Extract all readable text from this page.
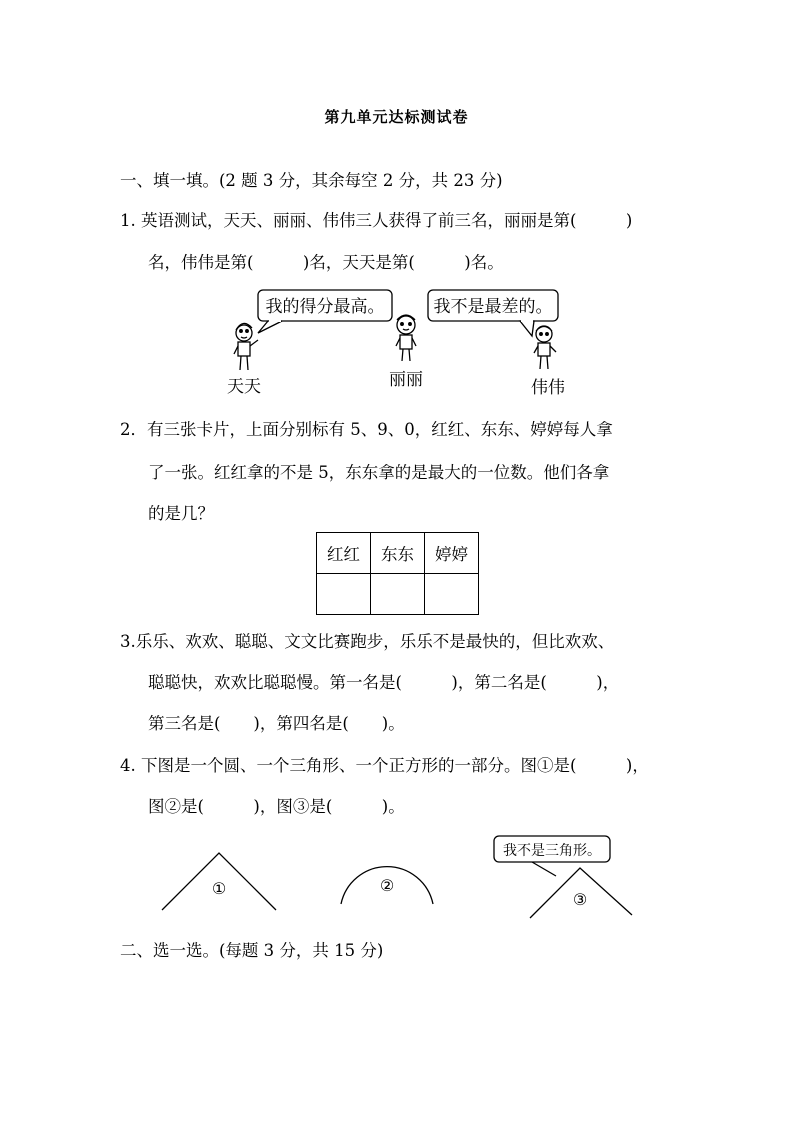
第九单元达标测试卷
一、填一填。(2 题 3 分，其余每空 2 分，共 23 分)
1. 英语测试，天天、丽丽、伟伟三人获得了前三名，丽丽是第(　　　)
名，伟伟是第(　　　)名，天天是第(　　　)名。
我的得分最高。	我不是最差的。
天天	丽丽	伟伟
2．有三张卡片，上面分别标有 5、9、0，红红、东东、婷婷每人拿
了一张。红红拿的不是 5，东东拿的是最大的一位数。他们各拿
的是几？
红红	东东	婷婷

3.乐乐、欢欢、聪聪、文文比赛跑步，乐乐不是最快的，但比欢欢、
聪聪快，欢欢比聪聪慢。第一名是(　　　)，第二名是(　　　)，
第三名是(　　)，第四名是(　　)。
4. 下图是一个圆、一个三角形、一个正方形的一部分。图①是(　　　)，
图②是(　　　)，图③是(　　　)。
①	②
③
我不是三角形。
二、选一选。(每题 3 分，共 15 分)
